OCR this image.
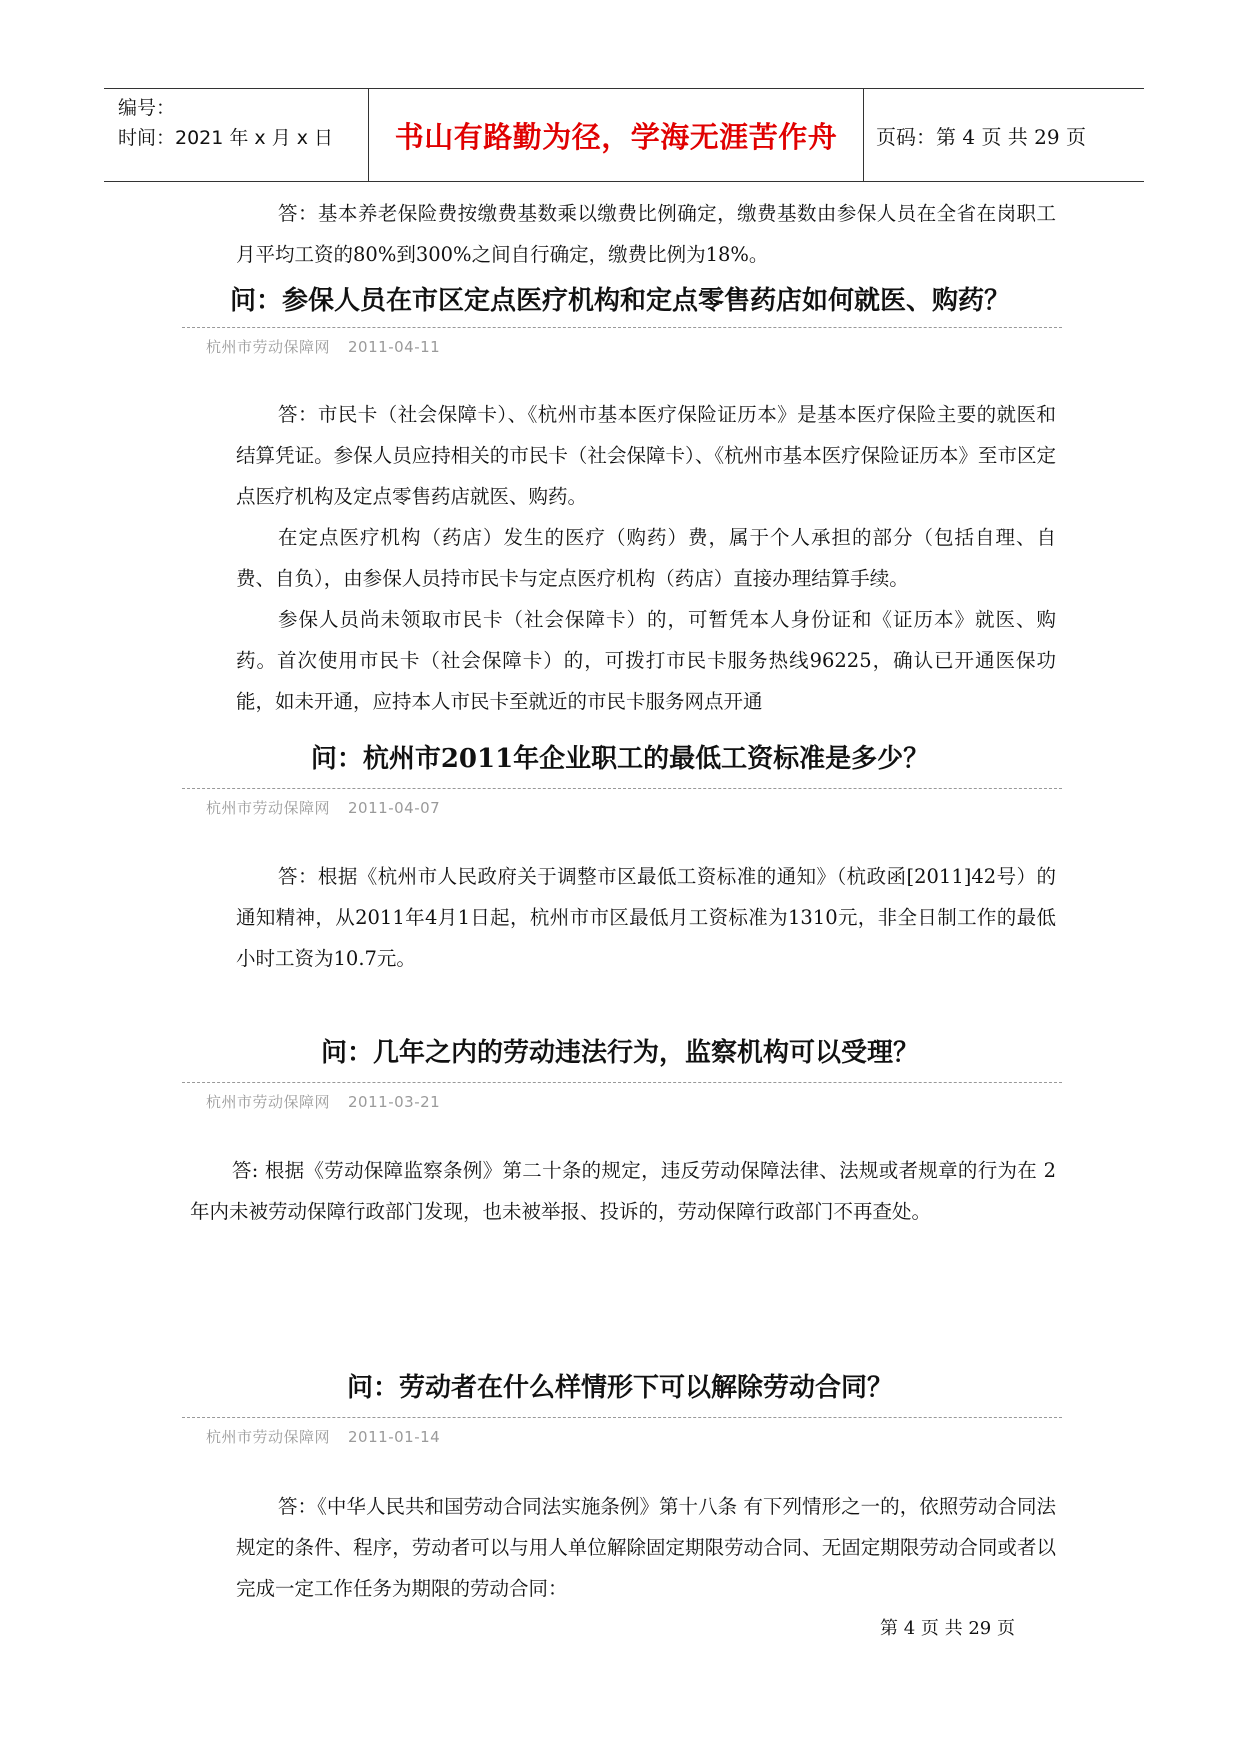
编号：
时间：2021 年 x 月 x 日	书山有路勤为径，学海无涯苦作舟 页码：第 4 页 共 29 页
答：基本养老保险费按缴费基数乘以缴费比例确定，缴费基数由参保人员在全省在岗职工月平均工资的80%到300%之间自行确定，缴费比例为18%。
问：参保人员在市区定点医疗机构和定点零售药店如何就医、购药？
杭州市劳动保障网 2011-04-11
答：市民卡（社会保障卡）、《杭州市基本医疗保险证历本》是基本医疗保险主要的就医和结算凭证。参保人员应持相关的市民卡（社会保障卡）、《杭州市基本医疗保险证历本》至市区定点医疗机构及定点零售药店就医、购药。
在定点医疗机构（药店）发生的医疗（购药）费，属于个人承担的部分（包括自理、自费、自负），由参保人员持市民卡与定点医疗机构（药店）直接办理结算手续。
参保人员尚未领取市民卡（社会保障卡）的，可暂凭本人身份证和《证历本》就医、购药。首次使用市民卡（社会保障卡）的，可拨打市民卡服务热线96225，确认已开通医保功能，如未开通，应持本人市民卡至就近的市民卡服务网点开通
问：杭州市2011年企业职工的最低工资标准是多少？
杭州市劳动保障网 2011-04-07
答：根据《杭州市人民政府关于调整市区最低工资标准的通知》（杭政函[2011]42号）的通知精神，从2011年4月1日起，杭州市市区最低月工资标准为1310元，非全日制工作的最低小时工资为10.7元。
问：几年之内的劳动违法行为，监察机构可以受理？
杭州市劳动保障网 2011-03-21
答: 根据《劳动保障监察条例》第二十条的规定，违反劳动保障法律、法规或者规章的行为在 2 年内未被劳动保障行政部门发现，也未被举报、投诉的，劳动保障行政部门不再查处。
问：劳动者在什么样情形下可以解除劳动合同？
杭州市劳动保障网 2011-01-14
答：《中华人民共和国劳动合同法实施条例》第十八条 有下列情形之一的，依照劳动合同法规定的条件、程序，劳动者可以与用人单位解除固定期限劳动合同、无固定期限劳动合同或者以完成一定工作任务为期限的劳动合同：
第 4 页 共 29 页
